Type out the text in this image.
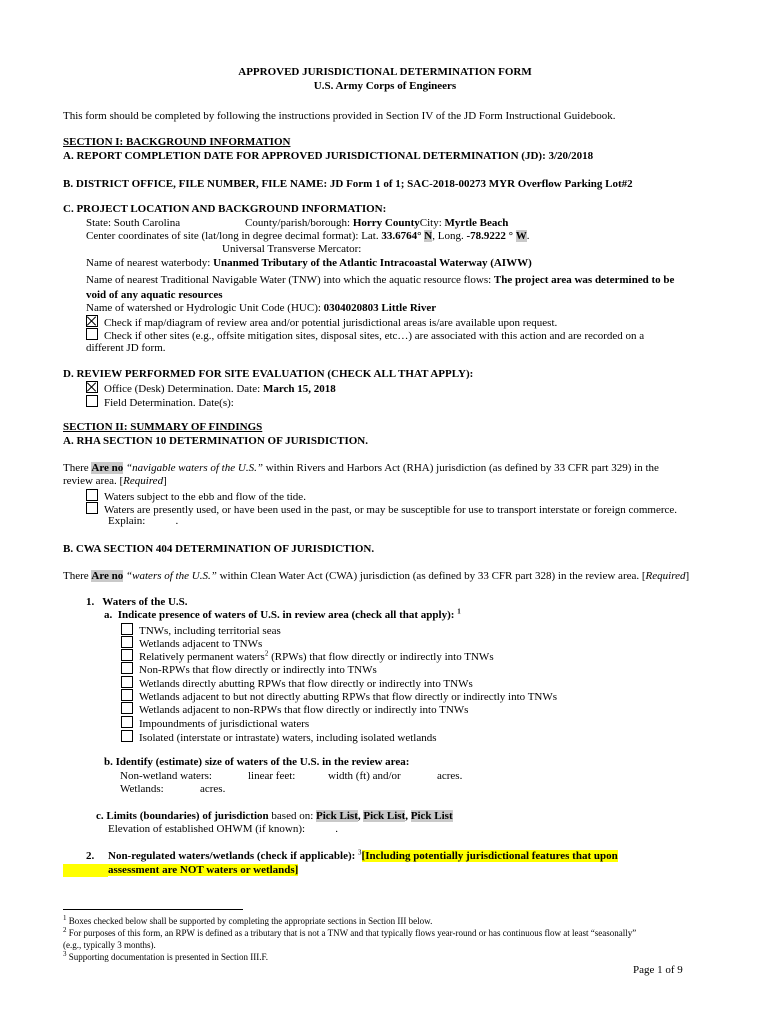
APPROVED JURISDICTIONAL DETERMINATION FORM
U.S. Army Corps of Engineers
This form should be completed by following the instructions provided in Section IV of the JD Form Instructional Guidebook.
SECTION I: BACKGROUND INFORMATION
A. REPORT COMPLETION DATE FOR APPROVED JURISDICTIONAL DETERMINATION (JD): 3/20/2018
B. DISTRICT OFFICE, FILE NUMBER, FILE NAME: JD Form 1 of 1; SAC-2018-00273 MYR Overflow Parking Lot#2
C. PROJECT LOCATION AND BACKGROUND INFORMATION:
State: South Carolina	County/parish/borough: Horry CountyCity: Myrtle Beach
Center coordinates of site (lat/long in degree decimal format): Lat. 33.6764° N, Long. -78.9222 ° W.
Universal Transverse Mercator:
Name of nearest waterbody: Unanmed Tributary of the Atlantic Intracoastal Waterway (AIWW)
Name of nearest Traditional Navigable Water (TNW) into which the aquatic resource flows: The project area was determined to be
void of any aquatic resources
Name of watershed or Hydrologic Unit Code (HUC): 0304020803 Little River
Check if map/diagram of review area and/or potential jurisdictional areas is/are available upon request.
Check if other sites (e.g., offsite mitigation sites, disposal sites, etc…) are associated with this action and are recorded on a
different JD form.
D. REVIEW PERFORMED FOR SITE EVALUATION (CHECK ALL THAT APPLY):
Office (Desk) Determination. Date: March 15, 2018
Field Determination. Date(s):
SECTION II: SUMMARY OF FINDINGS
A. RHA SECTION 10 DETERMINATION OF JURISDICTION.
There Are no “navigable waters of the U.S.” within Rivers and Harbors Act (RHA) jurisdiction (as defined by 33 CFR part 329) in the
review area. [Required]
Waters subject to the ebb and flow of the tide.
Waters are presently used, or have been used in the past, or may be susceptible for use to transport interstate or foreign commerce.
Explain:           .
B. CWA SECTION 404 DETERMINATION OF JURISDICTION.
There Are no “waters of the U.S.” within Clean Water Act (CWA) jurisdiction (as defined by 33 CFR part 328) in the review area. [Required]
1.   Waters of the U.S.
a.  Indicate presence of waters of U.S. in review area (check all that apply): $^1$
TNWs, including territorial seas
Wetlands adjacent to TNWs
Relatively permanent waters$^2$ (RPWs) that flow directly or indirectly into TNWs
Non-RPWs that flow directly or indirectly into TNWs
Wetlands directly abutting RPWs that flow directly or indirectly into TNWs
Wetlands adjacent to but not directly abutting RPWs that flow directly or indirectly into TNWs
Wetlands adjacent to non-RPWs that flow directly or indirectly into TNWs
Impoundments of jurisdictional waters
Isolated (interstate or intrastate) waters, including isolated wetlands
b. Identify (estimate) size of waters of the U.S. in the review area:
Non-wetland waters:	linear feet:	width (ft) and/or	acres.
Wetlands:	acres.
c. Limits (boundaries) of jurisdiction based on: Pick List, Pick List, Pick List
Elevation of established OHWM (if known):           .
2. Non-regulated waters/wetlands (check if applicable): $^3$[Including potentially jurisdictional features that upon
assessment are NOT waters or wetlands]
$^1$ Boxes checked below shall be supported by completing the appropriate sections in Section III below.
$^2$ For purposes of this form, an RPW is defined as a tributary that is not a TNW and that typically flows year-round or has continuous flow at least “seasonally”
(e.g., typically 3 months).
$^3$ Supporting documentation is presented in Section III.F.
Page 1 of 9
